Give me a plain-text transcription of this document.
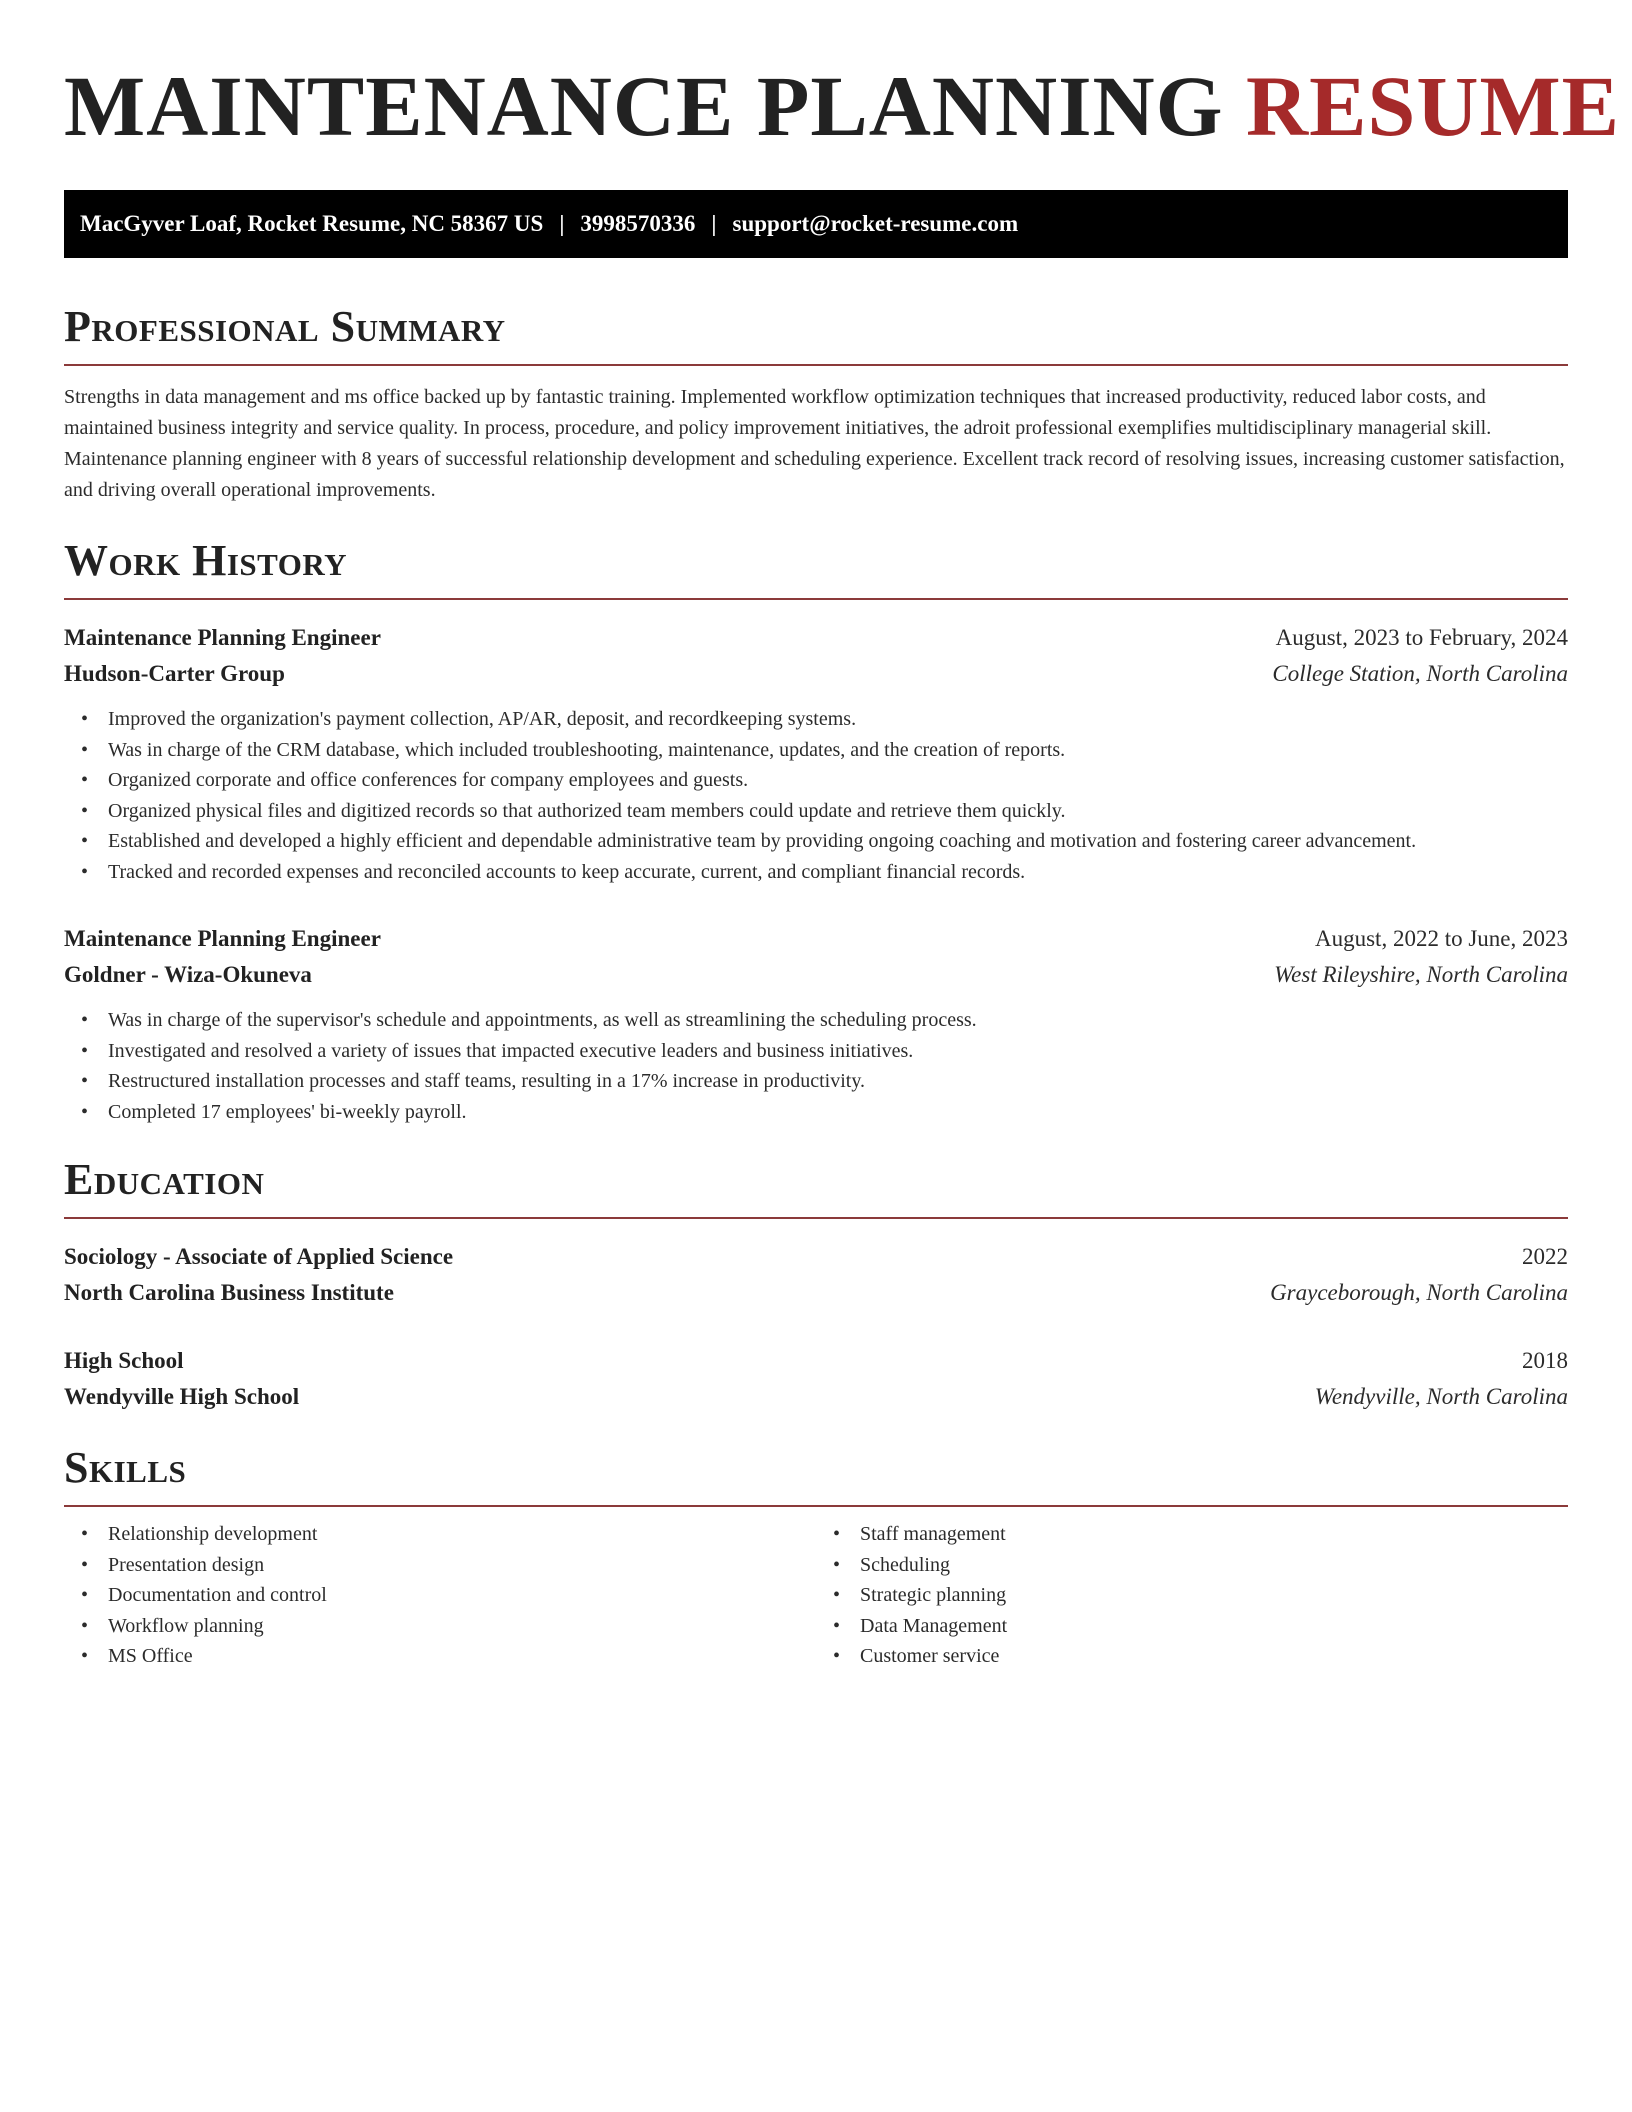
MAINTENANCE PLANNING RESUME
MacGyver Loaf, Rocket Resume, NC 58367 US | 3998570336 | support@rocket-resume.com
Professional Summary

Strengths in data management and ms office backed up by fantastic training. Implemented workflow optimization techniques that increased productivity, reduced labor costs, and maintained business integrity and service quality. In process, procedure, and policy improvement initiatives, the adroit professional exemplifies multidisciplinary managerial skill. Maintenance planning engineer with 8 years of successful relationship development and scheduling experience. Excellent track record of resolving issues, increasing customer satisfaction, and driving overall operational improvements.

Work History
Maintenance Planning Engineer	August, 2023 to February, 2024
Hudson-Carter Group	College Station, North Carolina
• Improved the organization's payment collection, AP/AR, deposit, and recordkeeping systems.
• Was in charge of the CRM database, which included troubleshooting, maintenance, updates, and the creation of reports.
• Organized corporate and office conferences for company employees and guests.
• Organized physical files and digitized records so that authorized team members could update and retrieve them quickly.
• Established and developed a highly efficient and dependable administrative team by providing ongoing coaching and motivation and fostering career advancement.
• Tracked and recorded expenses and reconciled accounts to keep accurate, current, and compliant financial records.
Maintenance Planning Engineer	August, 2022 to June, 2023
Goldner - Wiza-Okuneva	West Rileyshire, North Carolina
• Was in charge of the supervisor's schedule and appointments, as well as streamlining the scheduling process.
• Investigated and resolved a variety of issues that impacted executive leaders and business initiatives.
• Restructured installation processes and staff teams, resulting in a 17% increase in productivity.
• Completed 17 employees' bi-weekly payroll.
Education
Sociology - Associate of Applied Science	2022
North Carolina Business Institute	Grayceborough, North Carolina
High School	2018
Wendyville High School	Wendyville, North Carolina
Skills
• Relationship development
• Presentation design
• Documentation and control
• Workflow planning
• MS Office
• Staff management
• Scheduling
• Strategic planning
• Data Management
• Customer service
